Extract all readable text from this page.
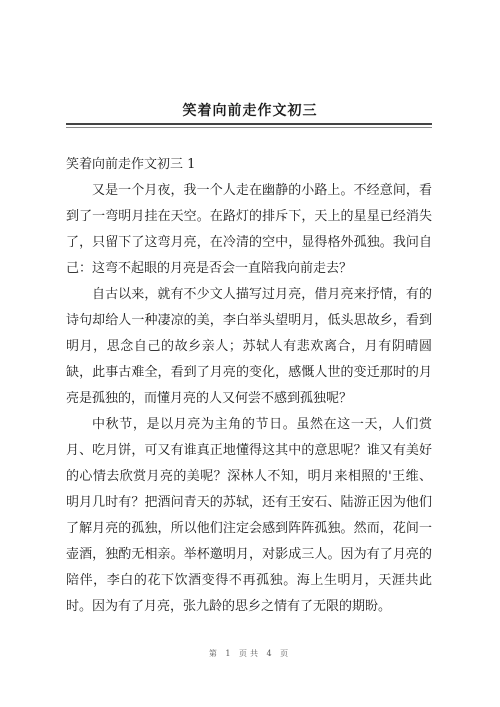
笑着向前走作文初三

笑着向前走作文初三 1

又是一个月夜，我一个人走在幽静的小路上。不经意间，看到了一弯明月挂在天空。在路灯的排斥下，天上的星星已经消失了，只留下了这弯月亮，在冷清的空中，显得格外孤独。我问自己：这弯不起眼的月亮是否会一直陪我向前走去？

自古以来，就有不少文人描写过月亮，借月亮来抒情，有的诗句却给人一种凄凉的美，李白举头望明月，低头思故乡，看到明月，思念自己的故乡亲人；苏轼人有悲欢离合，月有阴晴圆缺，此事古难全，看到了月亮的变化，感慨人世的变迁那时的月亮是孤独的，而懂月亮的人又何尝不感到孤独呢？

中秋节，是以月亮为主角的节日。虽然在这一天，人们赏月、吃月饼，可又有谁真正地懂得这其中的意思呢？谁又有美好的心情去欣赏月亮的美呢？深林人不知，明月来相照的'王维、明月几时有？把酒问青天的苏轼，还有王安石、陆游正因为他们了解月亮的孤独，所以他们注定会感到阵阵孤独。然而，花间一壶酒，独酌无相亲。举杯邀明月，对影成三人。因为有了月亮的陪伴，李白的花下饮酒变得不再孤独。海上生明月，天涯共此时。因为有了月亮，张九龄的思乡之情有了无限的期盼。

第 1 页共 4 页
